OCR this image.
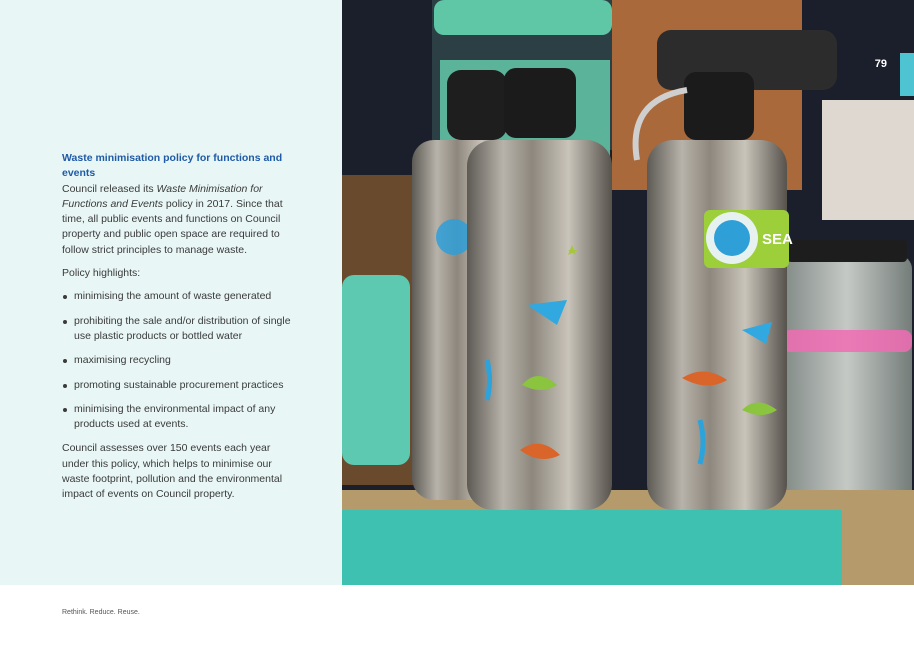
Waste minimisation policy for functions and events

Council released its Waste Minimisation for Functions and Events policy in 2017. Since that time, all public events and functions on Council property and public open space are required to follow strict principles to manage waste.

Policy highlights:

minimising the amount of waste generated
prohibiting the sale and/or distribution of single use plastic products or bottled water
maximising recycling
promoting sustainable procurement practices
minimising the environmental impact of any products used at events.

Council assesses over 150 events each year under this policy, which helps to minimise our waste footprint, pollution and the environmental impact of events on Council property.

SEA
79
Rethink. Reduce. Reuse.
